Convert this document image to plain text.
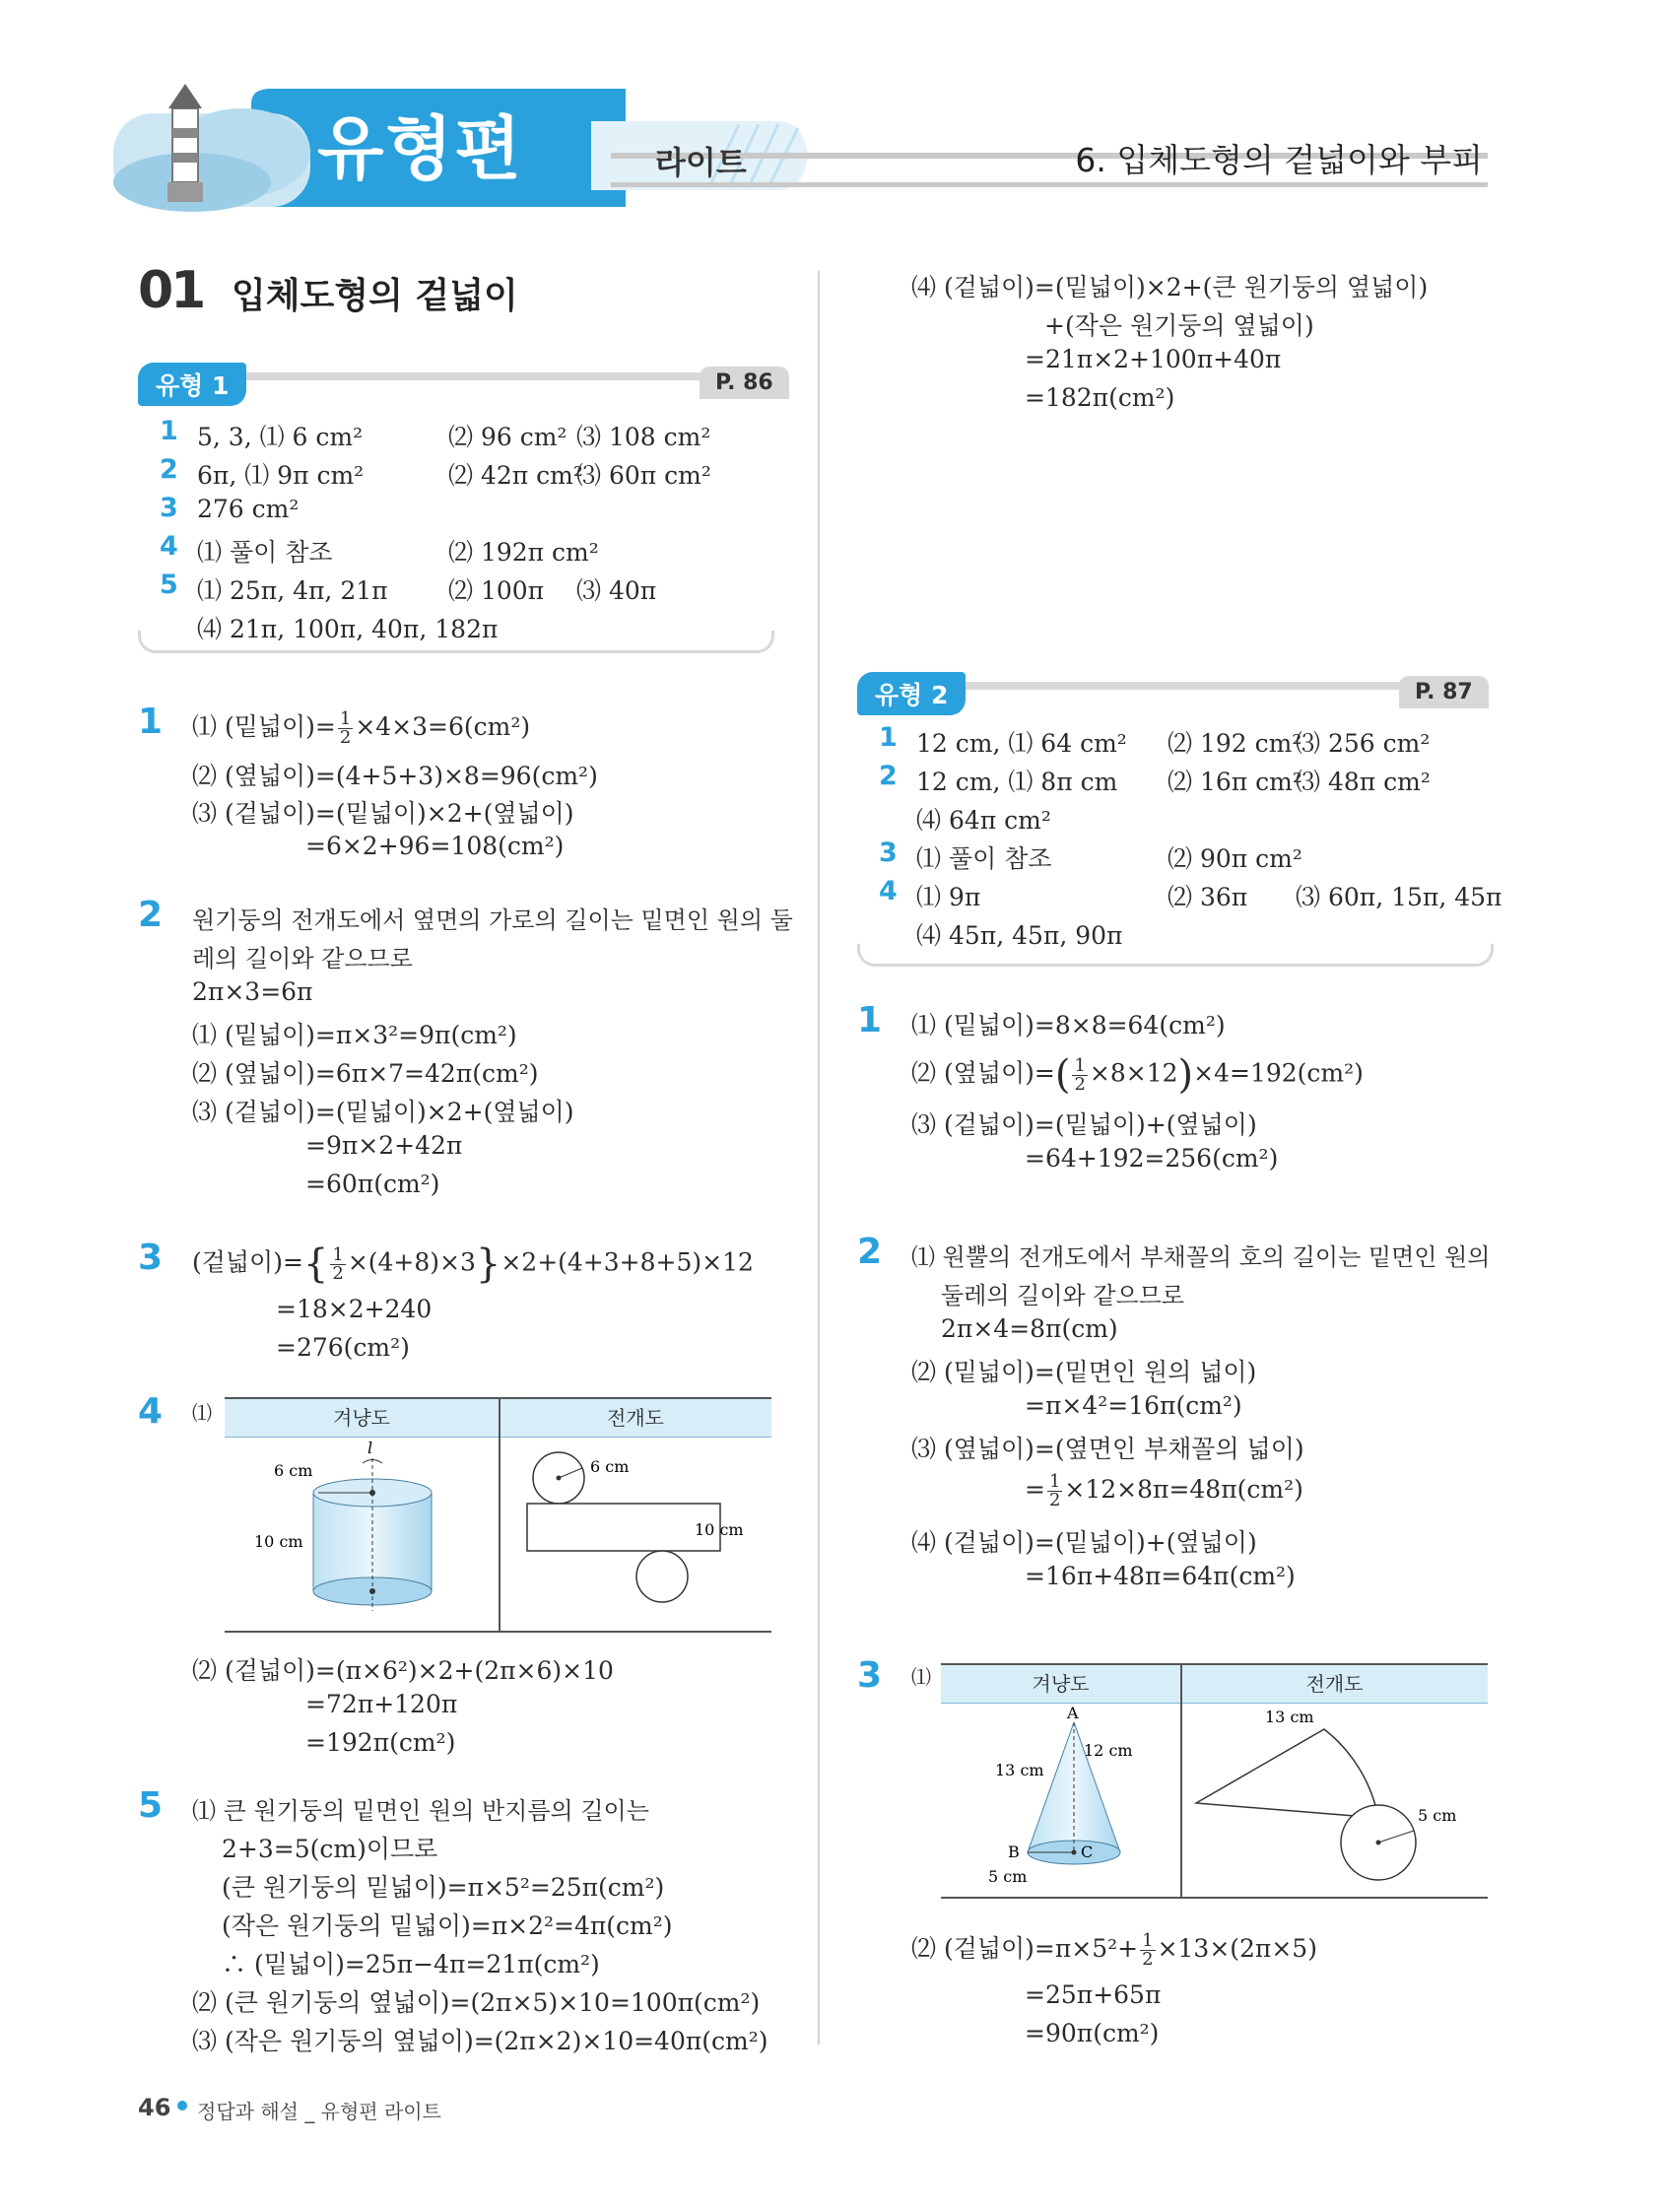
유형편	라이트	6. 입체도형의 겉넓이와 부피
01 입체도형의 겉넓이
유형 1	P. 86
1 5, 3, ⑴ 6 cm²	⑵ 96 cm² ⑶ 108 cm²
2 6π, ⑴ 9π cm²	⑵ 42π cm²
⑶ 60π cm²
3 276 cm²
4 ⑴ 풀이 참조	⑵ 192π cm²
5 ⑴ 25π, 4π, 21π ⑵ 100π ⑶ 40π
⑷ 21π, 100π, 40π, 182π
유형 2	P. 87
1 12 cm, ⑴ 64 cm² ⑵ 192 cm²
⑶ 256 cm²
2 12 cm, ⑴ 8π cm ⑵ 16π cm²
⑶ 48π cm²
⑷ 64π cm²
3 ⑴ 풀이 참조	⑵ 90π cm²
4 ⑴ 9π	⑵ 36π ⑶ 60π, 15π, 45π
⑷ 45π, 45π, 90π
1 ⑴ (밑넓이)= $\frac{1}{2} \times 4\times 3=6(cm^2)$
⑵ (옆넓이)=(4+5+3)×8=96(cm²)
⑶ (겉넓이)=(밑넓이)×2+(옆넓이)
=6×2+96=108(cm²)
2 원기둥의 전개도에서 옆면의 가로의 길이는 밑면인 원의 둘
레의 길이와 같으므로
2π×3=6π
⑴ (밑넓이)=π×3²=9π(cm²)
⑵ (옆넓이)=6π×7=42π(cm²)
⑶ (겉넓이)=(밑넓이)×2+(옆넓이)
=9π×2+42π
=60π(cm²)
3 (겉넓이)={ $\frac{1}{2} \times(4+8)\times 3\}\times 2+(4+3+8+5)\times 12$
=18×2+240
=276(cm²)
4 ⑴	겨냥도	전개도
l
6 cm
10 cm
6 cm
10 cm
⑵ (겉넓이)=(π×6²)×2+(2π×6)×10
=72π+120π
=192π(cm²)
5 ⑴ 큰 원기둥의 밑면인 원의 반지름의 길이는
2+3=5(cm)이므로
(큰 원기둥의 밑넓이)=π×5²=25π(cm²)
(작은 원기둥의 밑넓이)=π×2²=4π(cm²)
∴ (밑넓이)=25π−4π=21π(cm²)
⑵ (큰 원기둥의 옆넓이)=(2π×5)×10=100π(cm²)
⑶ (작은 원기둥의 옆넓이)=(2π×2)×10=40π(cm²)
⑷ (겉넓이)=(밑넓이)×2+(큰 원기둥의 옆넓이)
+(작은 원기둥의 옆넓이)
=21π×2+100π+40π
=182π(cm²)
1 ⑴ (밑넓이)=8×8=64(cm²)
⑵ (옆넓이)=( $\frac{1}{2} \times 8\times 12)\times 4=192(cm^2)$
⑶ (겉넓이)=(밑넓이)+(옆넓이)
=64+192=256(cm²)
2 ⑴ 원뿔의 전개도에서 부채꼴의 호의 길이는 밑면인 원의
둘레의 길이와 같으므로
2π×4=8π(cm)
⑵ (밑넓이)=(밑면인 원의 넓이)
=π×4²=16π(cm²)
⑶ (옆넓이)=(옆면인 부채꼴의 넓이)
= $\frac{1}{2} \times 12\times 8\pi=48\pi(cm^2)$
⑷ (겉넓이)=(밑넓이)+(옆넓이)
=16π+48π=64π(cm²)
3 ⑴	겨냥도	전개도
A
B	C
13 cm
12 cm
5 cm
13 cm
5 cm
⑵ (겉넓이)$=\pi\times 5^2+ \frac{1}{2} \times 13\times(2\pi\times 5)$
=25π+65π
=90π(cm²)
46 정답과 해설 _ 유형편 라이트
